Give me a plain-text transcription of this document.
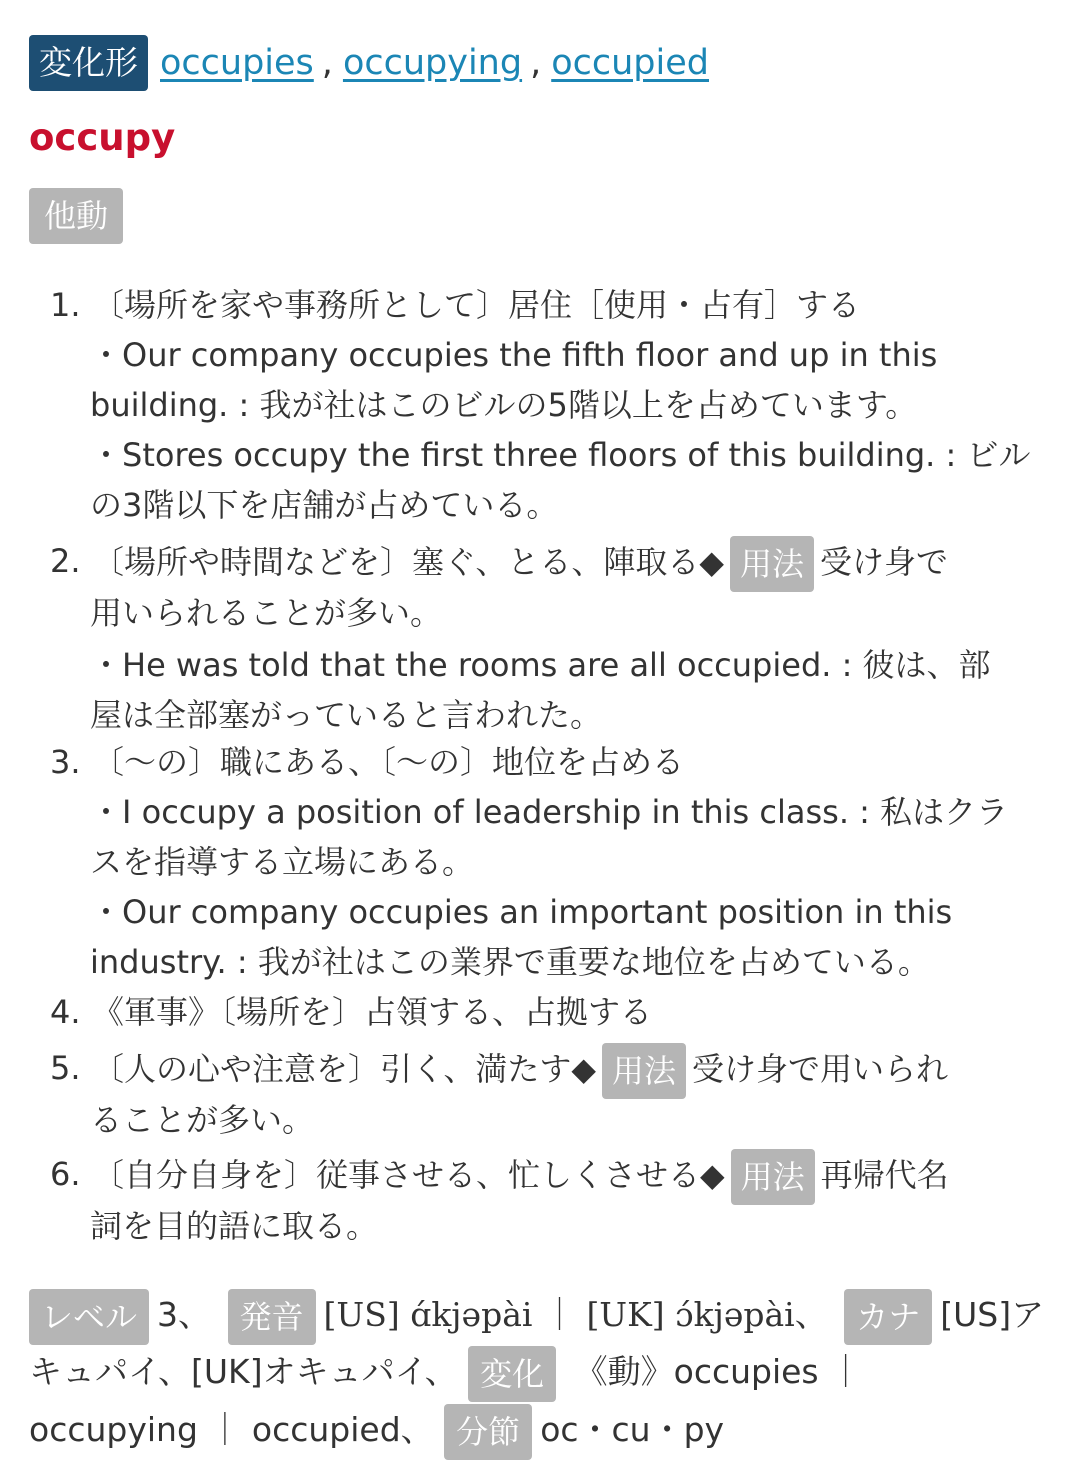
変化形 occupies , occupying , occupied
occupy
他動
1. 〔場所を家や事務所として〕居住［使用・占有］する
・Our company occupies the fifth floor and up in this
building. : 我が社はこのビルの5階以上を占めています。
・Stores occupy the first three floors of this building. : ビル
の3階以下を店舗が占めている。
2. 〔場所や時間などを〕塞ぐ、とる、陣取る◆ 用法 受け身で
用いられることが多い。
・He was told that the rooms are all occupied. : 彼は、部
屋は全部塞がっていると言われた。
3. 〔～の〕職にある、〔～の〕地位を占める
・I occupy a position of leadership in this class. : 私はクラ
スを指導する立場にある。
・Our company occupies an important position in this
industry. : 我が社はこの業界で重要な地位を占めている。
4. 《軍事》〔場所を〕占領する、占拠する
5. 〔人の心や注意を〕引く、満たす◆ 用法 受け身で用いられ
ることが多い。
6. 〔自分自身を〕従事させる、忙しくさせる◆ 用法 再帰代名
詞を目的語に取る。
レベル 3、 発音 [US] ɑ́kjəpài ｜ [UK] ɔ́kjəpài、 カナ [US]ア
キュパイ、[UK]オキュパイ、 変化 《動》occupies ｜
occupying ｜ occupied、 分節 oc・cu・py
